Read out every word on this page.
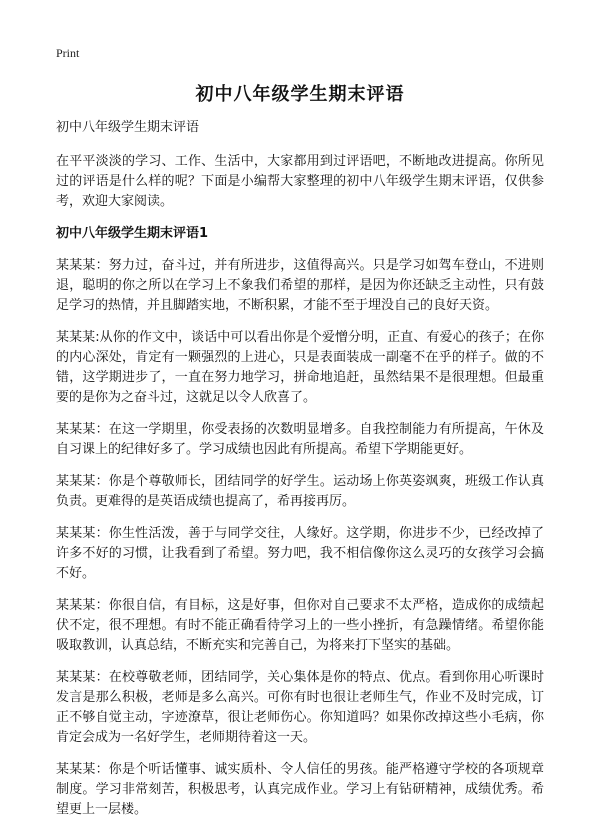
Print
初中八年级学生期末评语
初中八年级学生期末评语

在平平淡淡的学习、工作、生活中，大家都用到过评语吧，不断地改进提高。你所见过的评语是什么样的呢？下面是小编帮大家整理的初中八年级学生期末评语，仅供参考，欢迎大家阅读。

初中八年级学生期末评语1

某某某：努力过，奋斗过，并有所进步，这值得高兴。只是学习如驾车登山，不进则退，聪明的你之所以在学习上不象我们希望的那样，是因为你还缺乏主动性，只有鼓足学习的热情，并且脚踏实地，不断积累，才能不至于埋没自己的良好天资。

某某某:从你的作文中，谈话中可以看出你是个爱憎分明，正直、有爱心的孩子；在你的内心深处，肯定有一颗强烈的上进心，只是表面装成一副毫不在乎的样子。做的不错，这学期进步了，一直在努力地学习，拼命地追赶，虽然结果不是很理想。但最重要的是你为之奋斗过，这就足以令人欣喜了。

某某某：在这一学期里，你受表扬的次数明显增多。自我控制能力有所提高，午休及自习课上的纪律好多了。学习成绩也因此有所提高。希望下学期能更好。

某某某：你是个尊敬师长，团结同学的好学生。运动场上你英姿飒爽，班级工作认真负责。更难得的是英语成绩也提高了，希再接再厉。

某某某：你生性活泼，善于与同学交往，人缘好。这学期，你进步不少，已经改掉了许多不好的习惯，让我看到了希望。努力吧，我不相信像你这么灵巧的女孩学习会搞不好。

某某某：你很自信，有目标，这是好事，但你对自己要求不太严格，造成你的成绩起伏不定，很不理想。有时不能正确看待学习上的一些小挫折，有急躁情绪。希望你能吸取教训，认真总结，不断充实和完善自己，为将来打下坚实的基础。

某某某：在校尊敬老师，团结同学，关心集体是你的特点、优点。看到你用心听课时发言是那么积极，老师是多么高兴。可你有时也很让老师生气，作业不及时完成，订正不够自觉主动，字迹潦草，很让老师伤心。你知道吗？如果你改掉这些小毛病，你肯定会成为一名好学生，老师期待着这一天。

某某某：你是个听话懂事、诚实质朴、令人信任的男孩。能严格遵守学校的各项规章制度。学习非常刻苦，积极思考，认真完成作业。学习上有钻研精神，成绩优秀。希望更上一层楼。
